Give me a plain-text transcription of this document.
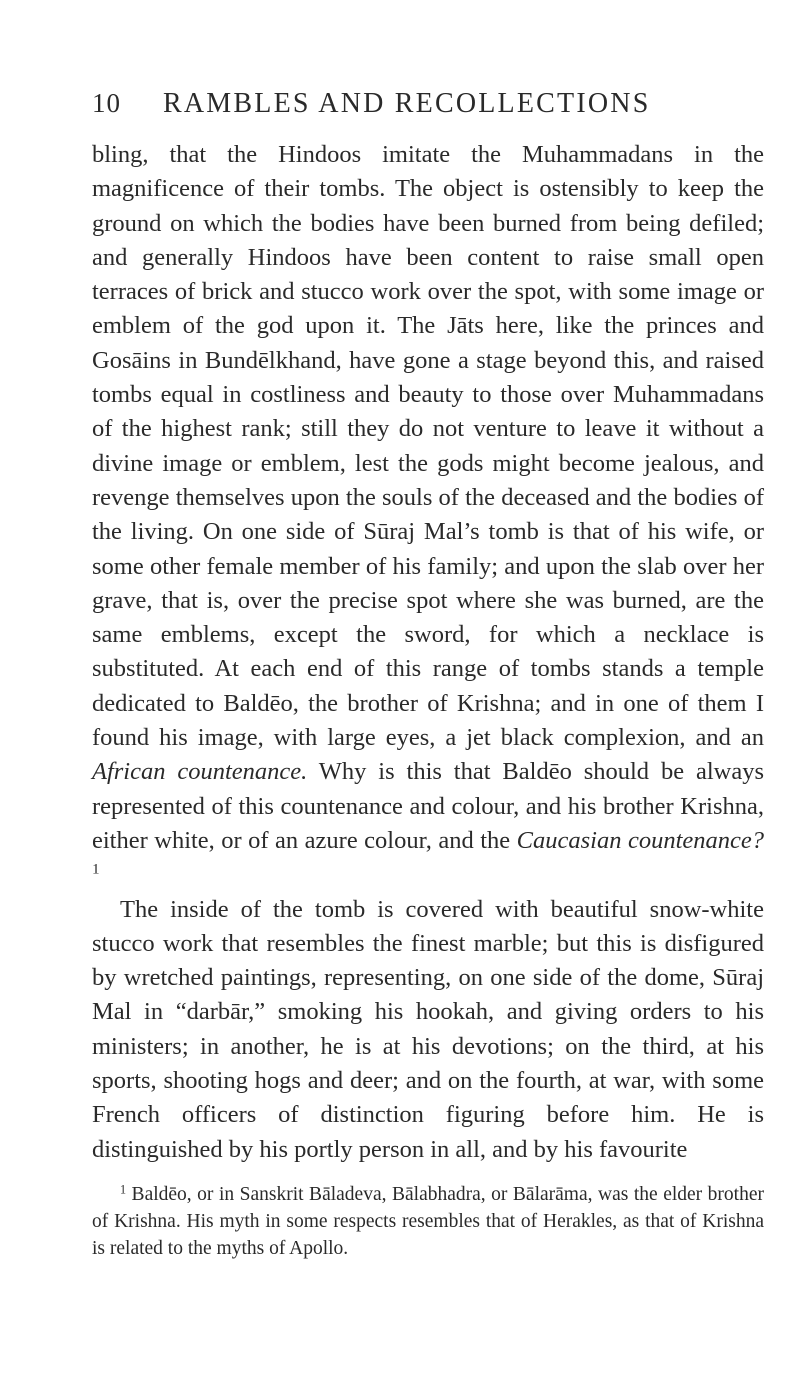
10 RAMBLES AND RECOLLECTIONS

bling, that the Hindoos imitate the Muhammadans in the magnificence of their tombs. The object is ostensibly to keep the ground on which the bodies have been burned from being defiled; and generally Hindoos have been content to raise small open terraces of brick and stucco work over the spot, with some image or emblem of the god upon it. The Jāts here, like the princes and Gosāins in Bundēlkhand, have gone a stage beyond this, and raised tombs equal in costliness and beauty to those over Muhammadans of the highest rank; still they do not venture to leave it without a divine image or emblem, lest the gods might become jealous, and revenge themselves upon the souls of the deceased and the bodies of the living. On one side of Sūraj Mal’s tomb is that of his wife, or some other female member of his family; and upon the slab over her grave, that is, over the precise spot where she was burned, are the same emblems, except the sword, for which a necklace is substituted. At each end of this range of tombs stands a temple dedicated to Baldēo, the brother of Krishna; and in one of them I found his image, with large eyes, a jet black complexion, and an African countenance. Why is this that Baldēo should be always represented of this countenance and colour, and his brother Krishna, either white, or of an azure colour, and the Caucasian countenance?$^1$

The inside of the tomb is covered with beautiful snow-white stucco work that resembles the finest marble; but this is disfigured by wretched paintings, representing, on one side of the dome, Sūraj Mal in “darbār,” smoking his hookah, and giving orders to his ministers; in another, he is at his devotions; on the third, at his sports, shooting hogs and deer; and on the fourth, at war, with some French officers of distinction figuring before him. He is distinguished by his portly person in all, and by his favourite

$^1$ Baldēo, or in Sanskrit Bāladeva, Bālabhadra, or Bālarāma, was the elder brother of Krishna. His myth in some respects resembles that of Herakles, as that of Krishna is related to the myths of Apollo.
